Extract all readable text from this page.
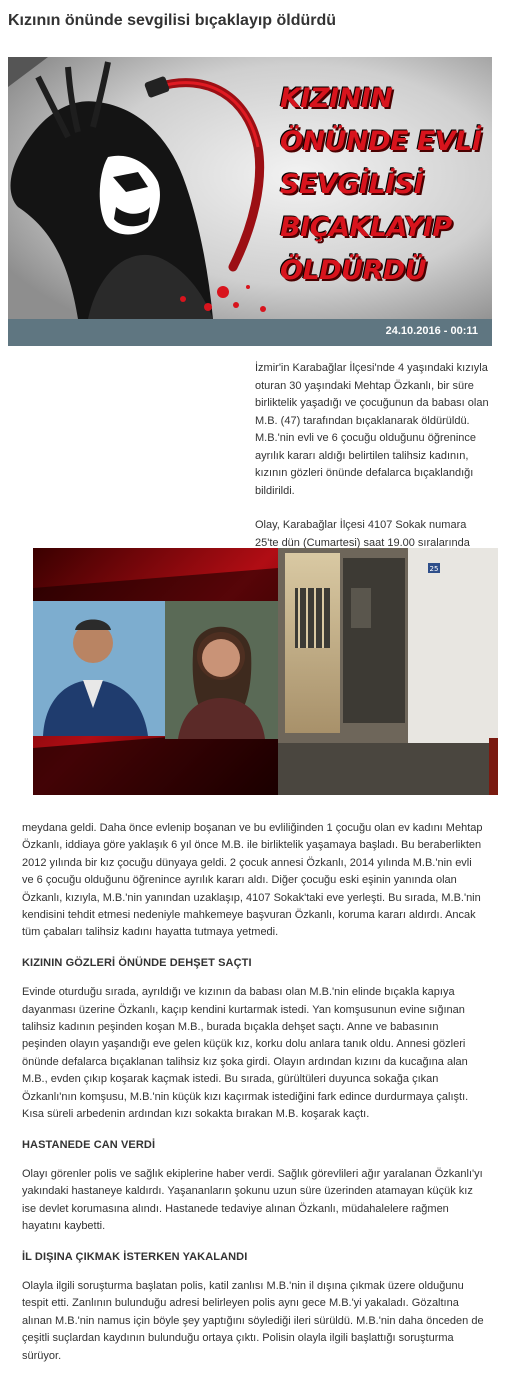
Kızının önünde sevgilisi bıçaklayıp öldürdü
KIZININ
ÖNÜNDE EVLİ
SEVGİLİSİ
BIÇAKLAYIP
ÖLDÜRDÜ
24.10.2016 - 00:11

İzmir'in Karabağlar İlçesi'nde 4 yaşındaki kızıyla oturan 30 yaşındaki Mehtap Özkanlı, bir süre birliktelik yaşadığı ve çocuğunun da babası olan M.B. (47) tarafından bıçaklanarak öldürüldü. M.B.'nin evli ve 6 çocuğu olduğunu öğrenince ayrılık kararı aldığı belirtilen talihsiz kadının, kızının gözleri önünde defalarca bıçaklandığı bildirildi.

Olay, Karabağlar İlçesi 4107 Sokak numara 25'te dün (Cumartesi) saat 19.00 sıralarında

25

meydana geldi. Daha önce evlenip boşanan ve bu evliliğinden 1 çocuğu olan ev kadını Mehtap Özkanlı, iddiaya göre yaklaşık 6 yıl önce M.B. ile birliktelik yaşamaya başladı. Bu beraberlikten 2012 yılında bir kız çocuğu dünyaya geldi. 2 çocuk annesi Özkanlı, 2014 yılında M.B.'nin evli ve 6 çocuğu olduğunu öğrenince ayrılık kararı aldı. Diğer çocuğu eski eşinin yanında olan Özkanlı, kızıyla, M.B.'nin yanından uzaklaşıp, 4107 Sokak'taki eve yerleşti. Bu sırada, M.B.'nin kendisini tehdit etmesi nedeniyle mahkemeye başvuran Özkanlı, koruma kararı aldırdı. Ancak tüm çabaları talihsiz kadını hayatta tutmaya yetmedi.

KIZININ GÖZLERİ ÖNÜNDE DEHŞET SAÇTI

Evinde oturduğu sırada, ayrıldığı ve kızının da babası olan M.B.'nin elinde bıçakla kapıya dayanması üzerine Özkanlı, kaçıp kendini kurtarmak istedi. Yan komşusunun evine sığınan talihsiz kadının peşinden koşan M.B., burada bıçakla dehşet saçtı. Anne ve babasının peşinden olayın yaşandığı eve gelen küçük kız, korku dolu anlara tanık oldu. Annesi gözleri önünde defalarca bıçaklanan talihsiz kız şoka girdi. Olayın ardından kızını da kucağına alan M.B., evden çıkıp koşarak kaçmak istedi. Bu sırada, gürültüleri duyunca sokağa çıkan Özkanlı'nın komşusu, M.B.'nin küçük kızı kaçırmak istediğini fark edince durdurmaya çalıştı. Kısa süreli arbedenin ardından kızı sokakta bırakan M.B. koşarak kaçtı.

HASTANEDE CAN VERDİ

Olayı görenler polis ve sağlık ekiplerine haber verdi. Sağlık görevlileri ağır yaralanan Özkanlı'yı yakındaki hastaneye kaldırdı. Yaşananların şokunu uzun süre üzerinden atamayan küçük kız ise devlet korumasına alındı. Hastanede tedaviye alınan Özkanlı, müdahalelere rağmen hayatını kaybetti.

İL DIŞINA ÇIKMAK İSTERKEN YAKALANDI

Olayla ilgili soruşturma başlatan polis, katil zanlısı M.B.'nin il dışına çıkmak üzere olduğunu tespit etti. Zanlının bulunduğu adresi belirleyen polis aynı gece M.B.'yi yakaladı. Gözaltına alınan M.B.'nin namus için böyle şey yaptığını söylediği ileri sürüldü. M.B.'nin daha önceden de çeşitli suçlardan kaydının bulunduğu ortaya çıktı. Polisin olayla ilgili başlattığı soruşturma sürüyor.
